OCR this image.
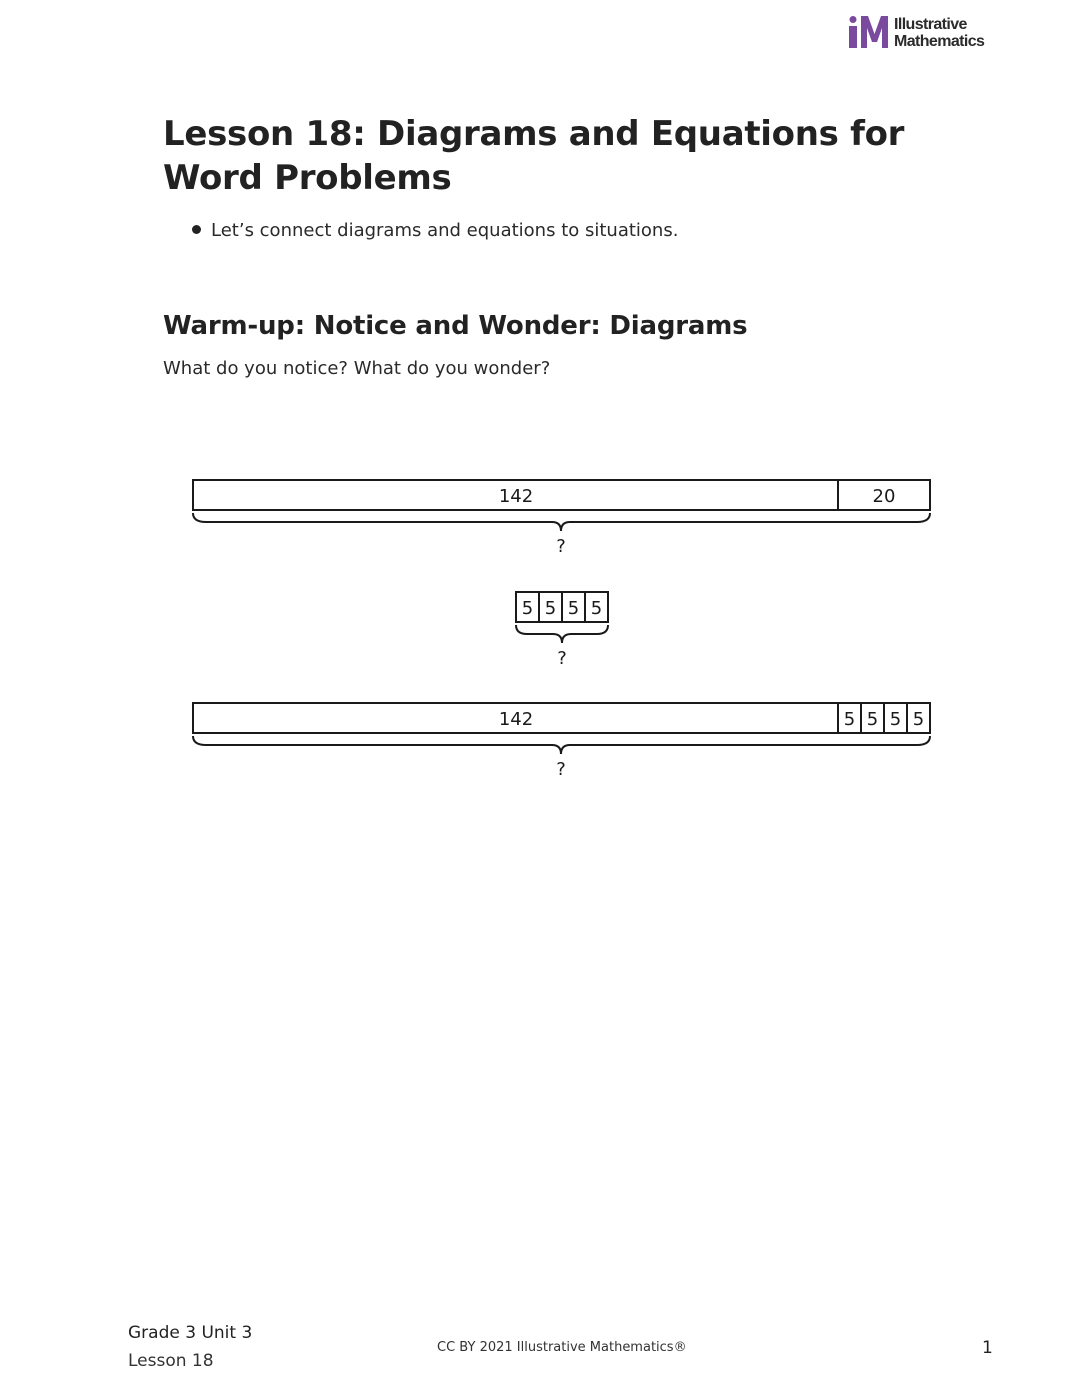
Illustrative
Mathematics
Lesson 18: Diagrams and Equations for Word Problems
Let’s connect diagrams and equations to situations.
Warm-up: Notice and Wonder: Diagrams

What do you notice? What do you wonder?

142	20
?
5 5 5 5
?
142	5 5 5 5
?
Grade 3 Unit 3
Lesson 18
CC BY 2021 Illustrative Mathematics®	1
